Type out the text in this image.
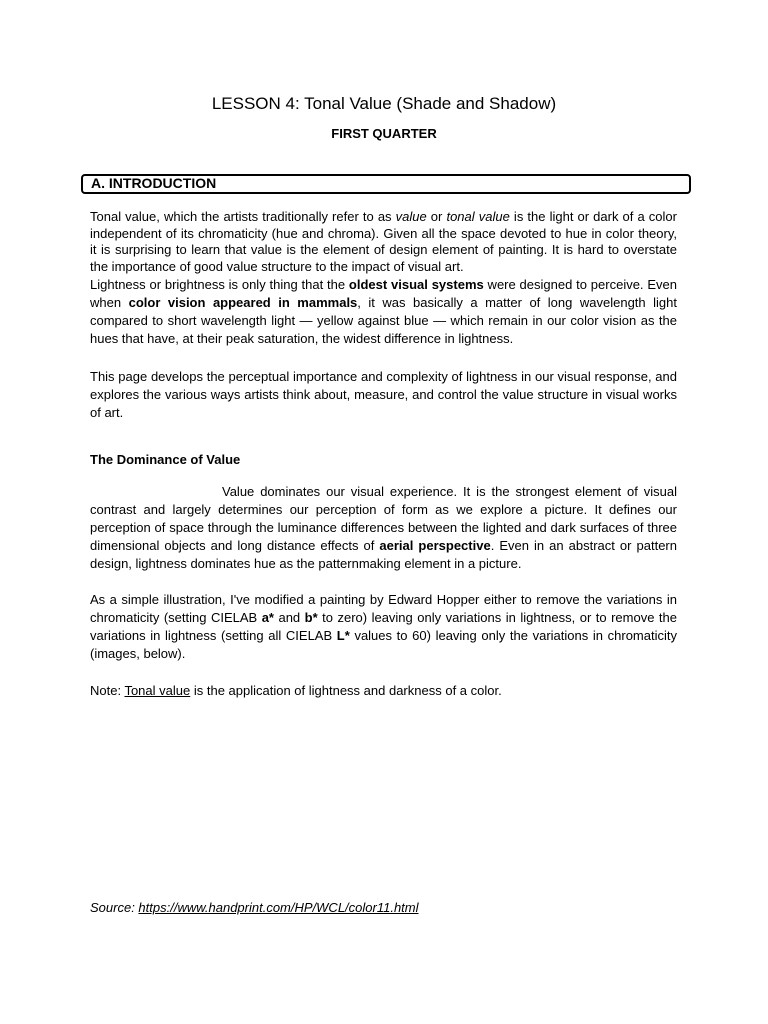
LESSON 4: Tonal Value (Shade and Shadow)
FIRST QUARTER
A. INTRODUCTION
Tonal value, which the artists traditionally refer to as value or tonal value is the light or dark of a color independent of its chromaticity (hue and chroma). Given all the space devoted to hue in color theory, it is surprising to learn that value is the element of design element of painting. It is hard to overstate the importance of good value structure to the impact of visual art.
Lightness or brightness is only thing that the oldest visual systems were designed to perceive. Even when color vision appeared in mammals, it was basically a matter of long wavelength light compared to short wavelength light — yellow against blue — which remain in our color vision as the hues that have, at their peak saturation, the widest difference in lightness.
This page develops the perceptual importance and complexity of lightness in our visual response, and explores the various ways artists think about, measure, and control the value structure in visual works of art.
The Dominance of Value
Value dominates our visual experience. It is the strongest element of visual contrast and largely determines our perception of form as we explore a picture. It defines our perception of space through the luminance differences between the lighted and dark surfaces of three dimensional objects and long distance effects of aerial perspective. Even in an abstract or pattern design, lightness dominates hue as the patternmaking element in a picture.
As a simple illustration, I've modified a painting by Edward Hopper either to remove the variations in chromaticity (setting CIELAB a* and b* to zero) leaving only variations in lightness, or to remove the variations in lightness (setting all CIELAB L* values to 60) leaving only the variations in chromaticity (images, below).
Note: Tonal value is the application of lightness and darkness of a color.
Source: https://www.handprint.com/HP/WCL/color11.html
